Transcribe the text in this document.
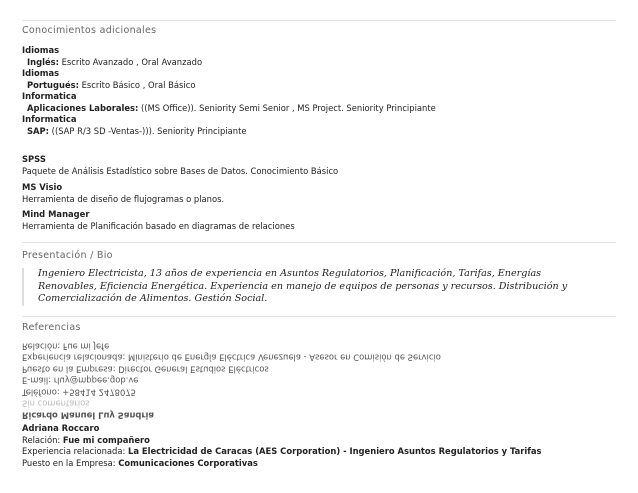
Conocimientos adicionales
Idiomas
Inglés: Escrito Avanzado , Oral Avanzado
Idiomas
Portugués: Escrito Básico , Oral Básico
Informatica
Aplicaciones Laborales: ((MS Office)). Seniority Semi Senior , MS Project. Seniority Principiante
Informatica
SAP: ((SAP R/3 SD -Ventas-))). Seniority Principiante
SPSS
Paquete de Análisis Estadístico sobre Bases de Datos. Conocimiento Básico
MS Visio
Herramienta de diseño de flujogramas o planos.
Mind Manager
Herramienta de Planificación basado en diagramas de relaciones
Presentación / Bio
Ingeniero Electricista, 13 años de experiencia en Asuntos Regulatorios, Planificación, Tarifas, Energías Renovables, Eficiencia Energética. Experiencia en manejo de equipos de personas y recursos. Distribución y Comercialización de Alimentos. Gestión Social.
Referencias
Ricardo Manuel Luy Sandria
Sin comentarios
Teléfono: +58414 2478075
E-mail: rluy@mppee.gob.ve
Puesto en la Empresa: Director General Estudios Eléctricos
Experiencia relacionada: Ministerio de Energía Eléctrica Venezuela - Asesor en Comisión de Servicio
Relación: Fue mi Jefe
Adriana Roccaro
Relación: Fue mi compañero
Experiencia relacionada: La Electricidad de Caracas (AES Corporation) - Ingeniero Asuntos Regulatorios y Tarifas
Puesto en la Empresa: Comunicaciones Corporativas
